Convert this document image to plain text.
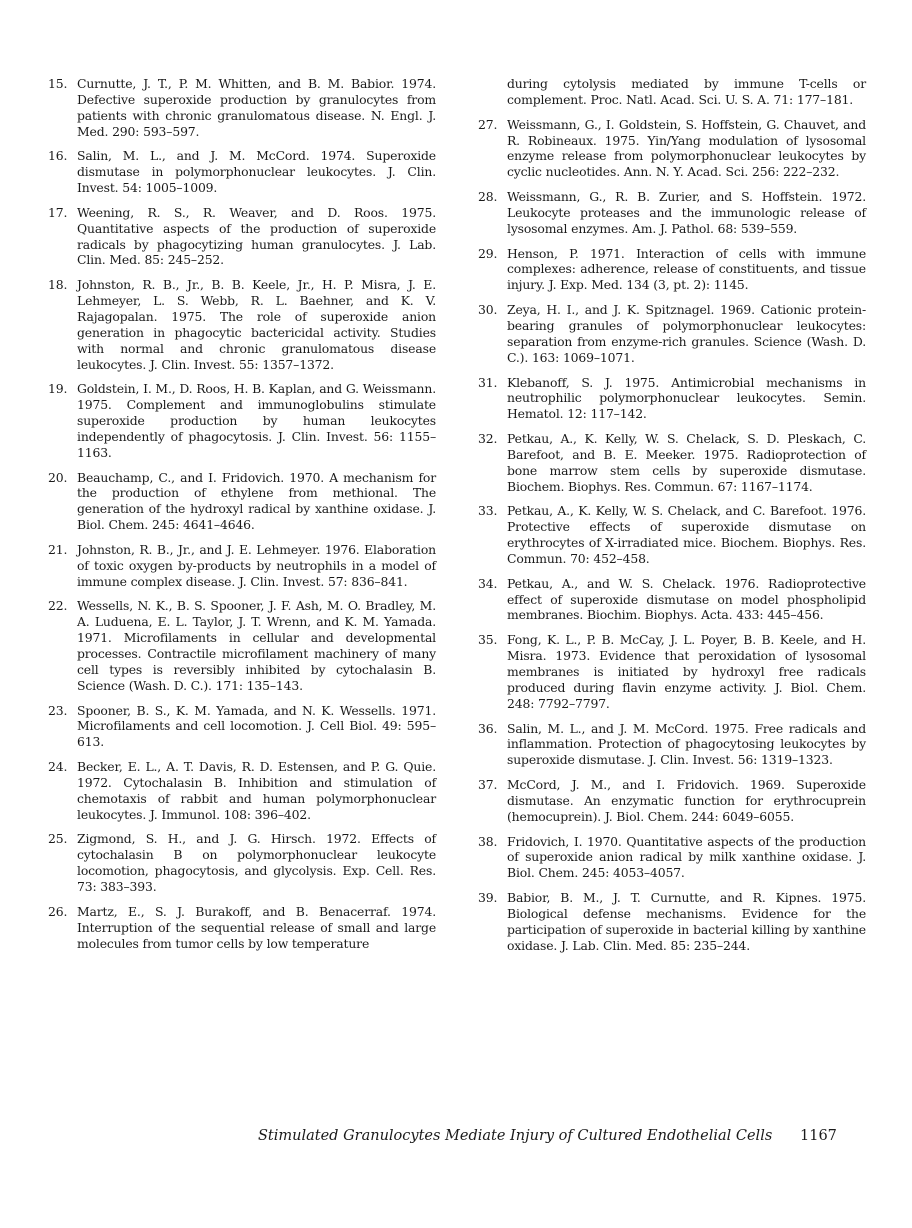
15. Curnutte, J. T., P. M. Whitten, and B. M. Babior. 1974. Defective superoxide production by granulocytes from patients with chronic granulomatous disease. N. Engl. J. Med. 290: 593–597.
16. Salin, M. L., and J. M. McCord. 1974. Superoxide dismutase in polymorphonuclear leukocytes. J. Clin. Invest. 54: 1005–1009.
17. Weening, R. S., R. Weaver, and D. Roos. 1975. Quantitative aspects of the production of superoxide radicals by phagocytizing human granulocytes. J. Lab. Clin. Med. 85: 245–252.
18. Johnston, R. B., Jr., B. B. Keele, Jr., H. P. Misra, J. E. Lehmeyer, L. S. Webb, R. L. Baehner, and K. V. Rajagopalan. 1975. The role of superoxide anion generation in phagocytic bactericidal activity. Studies with normal and chronic granulomatous disease leukocytes. J. Clin. Invest. 55: 1357–1372.
19. Goldstein, I. M., D. Roos, H. B. Kaplan, and G. Weissmann. 1975. Complement and immunoglobulins stimulate superoxide production by human leukocytes independently of phagocytosis. J. Clin. Invest. 56: 1155–1163.
20. Beauchamp, C., and I. Fridovich. 1970. A mechanism for the production of ethylene from methional. The generation of the hydroxyl radical by xanthine oxidase. J. Biol. Chem. 245: 4641–4646.
21. Johnston, R. B., Jr., and J. E. Lehmeyer. 1976. Elaboration of toxic oxygen by-products by neutrophils in a model of immune complex disease. J. Clin. Invest. 57: 836–841.
22. Wessells, N. K., B. S. Spooner, J. F. Ash, M. O. Bradley, M. A. Luduena, E. L. Taylor, J. T. Wrenn, and K. M. Yamada. 1971. Microfilaments in cellular and developmental processes. Contractile microfilament machinery of many cell types is reversibly inhibited by cytochalasin B. Science (Wash. D. C.). 171: 135–143.
23. Spooner, B. S., K. M. Yamada, and N. K. Wessells. 1971. Microfilaments and cell locomotion. J. Cell Biol. 49: 595–613.
24. Becker, E. L., A. T. Davis, R. D. Estensen, and P. G. Quie. 1972. Cytochalasin B. Inhibition and stimulation of chemotaxis of rabbit and human polymorphonuclear leukocytes. J. Immunol. 108: 396–402.
25. Zigmond, S. H., and J. G. Hirsch. 1972. Effects of cytochalasin B on polymorphonuclear leukocyte locomotion, phagocytosis, and glycolysis. Exp. Cell. Res. 73: 383–393.
26. Martz, E., S. J. Burakoff, and B. Benacerraf. 1974. Interruption of the sequential release of small and large molecules from tumor cells by low temperature
during cytolysis mediated by immune T-cells or complement. Proc. Natl. Acad. Sci. U. S. A. 71: 177–181.
27. Weissmann, G., I. Goldstein, S. Hoffstein, G. Chauvet, and R. Robineaux. 1975. Yin/Yang modulation of lysosomal enzyme release from polymorphonuclear leukocytes by cyclic nucleotides. Ann. N. Y. Acad. Sci. 256: 222–232.
28. Weissmann, G., R. B. Zurier, and S. Hoffstein. 1972. Leukocyte proteases and the immunologic release of lysosomal enzymes. Am. J. Pathol. 68: 539–559.
29. Henson, P. 1971. Interaction of cells with immune complexes: adherence, release of constituents, and tissue injury. J. Exp. Med. 134 (3, pt. 2): 1145.
30. Zeya, H. I., and J. K. Spitznagel. 1969. Cationic protein-bearing granules of polymorphonuclear leukocytes: separation from enzyme-rich granules. Science (Wash. D. C.). 163: 1069–1071.
31. Klebanoff, S. J. 1975. Antimicrobial mechanisms in neutrophilic polymorphonuclear leukocytes. Semin. Hematol. 12: 117–142.
32. Petkau, A., K. Kelly, W. S. Chelack, S. D. Pleskach, C. Barefoot, and B. E. Meeker. 1975. Radioprotection of bone marrow stem cells by superoxide dismutase. Biochem. Biophys. Res. Commun. 67: 1167–1174.
33. Petkau, A., K. Kelly, W. S. Chelack, and C. Barefoot. 1976. Protective effects of superoxide dismutase on erythrocytes of X-irradiated mice. Biochem. Biophys. Res. Commun. 70: 452–458.
34. Petkau, A., and W. S. Chelack. 1976. Radioprotective effect of superoxide dismutase on model phospholipid membranes. Biochim. Biophys. Acta. 433: 445–456.
35. Fong, K. L., P. B. McCay, J. L. Poyer, B. B. Keele, and H. Misra. 1973. Evidence that peroxidation of lysosomal membranes is initiated by hydroxyl free radicals produced during flavin enzyme activity. J. Biol. Chem. 248: 7792–7797.
36. Salin, M. L., and J. M. McCord. 1975. Free radicals and inflammation. Protection of phagocytosing leukocytes by superoxide dismutase. J. Clin. Invest. 56: 1319–1323.
37. McCord, J. M., and I. Fridovich. 1969. Superoxide dismutase. An enzymatic function for erythrocuprein (hemocuprein). J. Biol. Chem. 244: 6049–6055.
38. Fridovich, I. 1970. Quantitative aspects of the production of superoxide anion radical by milk xanthine oxidase. J. Biol. Chem. 245: 4053–4057.
39. Babior, B. M., J. T. Curnutte, and R. Kipnes. 1975. Biological defense mechanisms. Evidence for the participation of superoxide in bacterial killing by xanthine oxidase. J. Lab. Clin. Med. 85: 235–244.
Stimulated Granulocytes Mediate Injury of Cultured Endothelial Cells 1167
